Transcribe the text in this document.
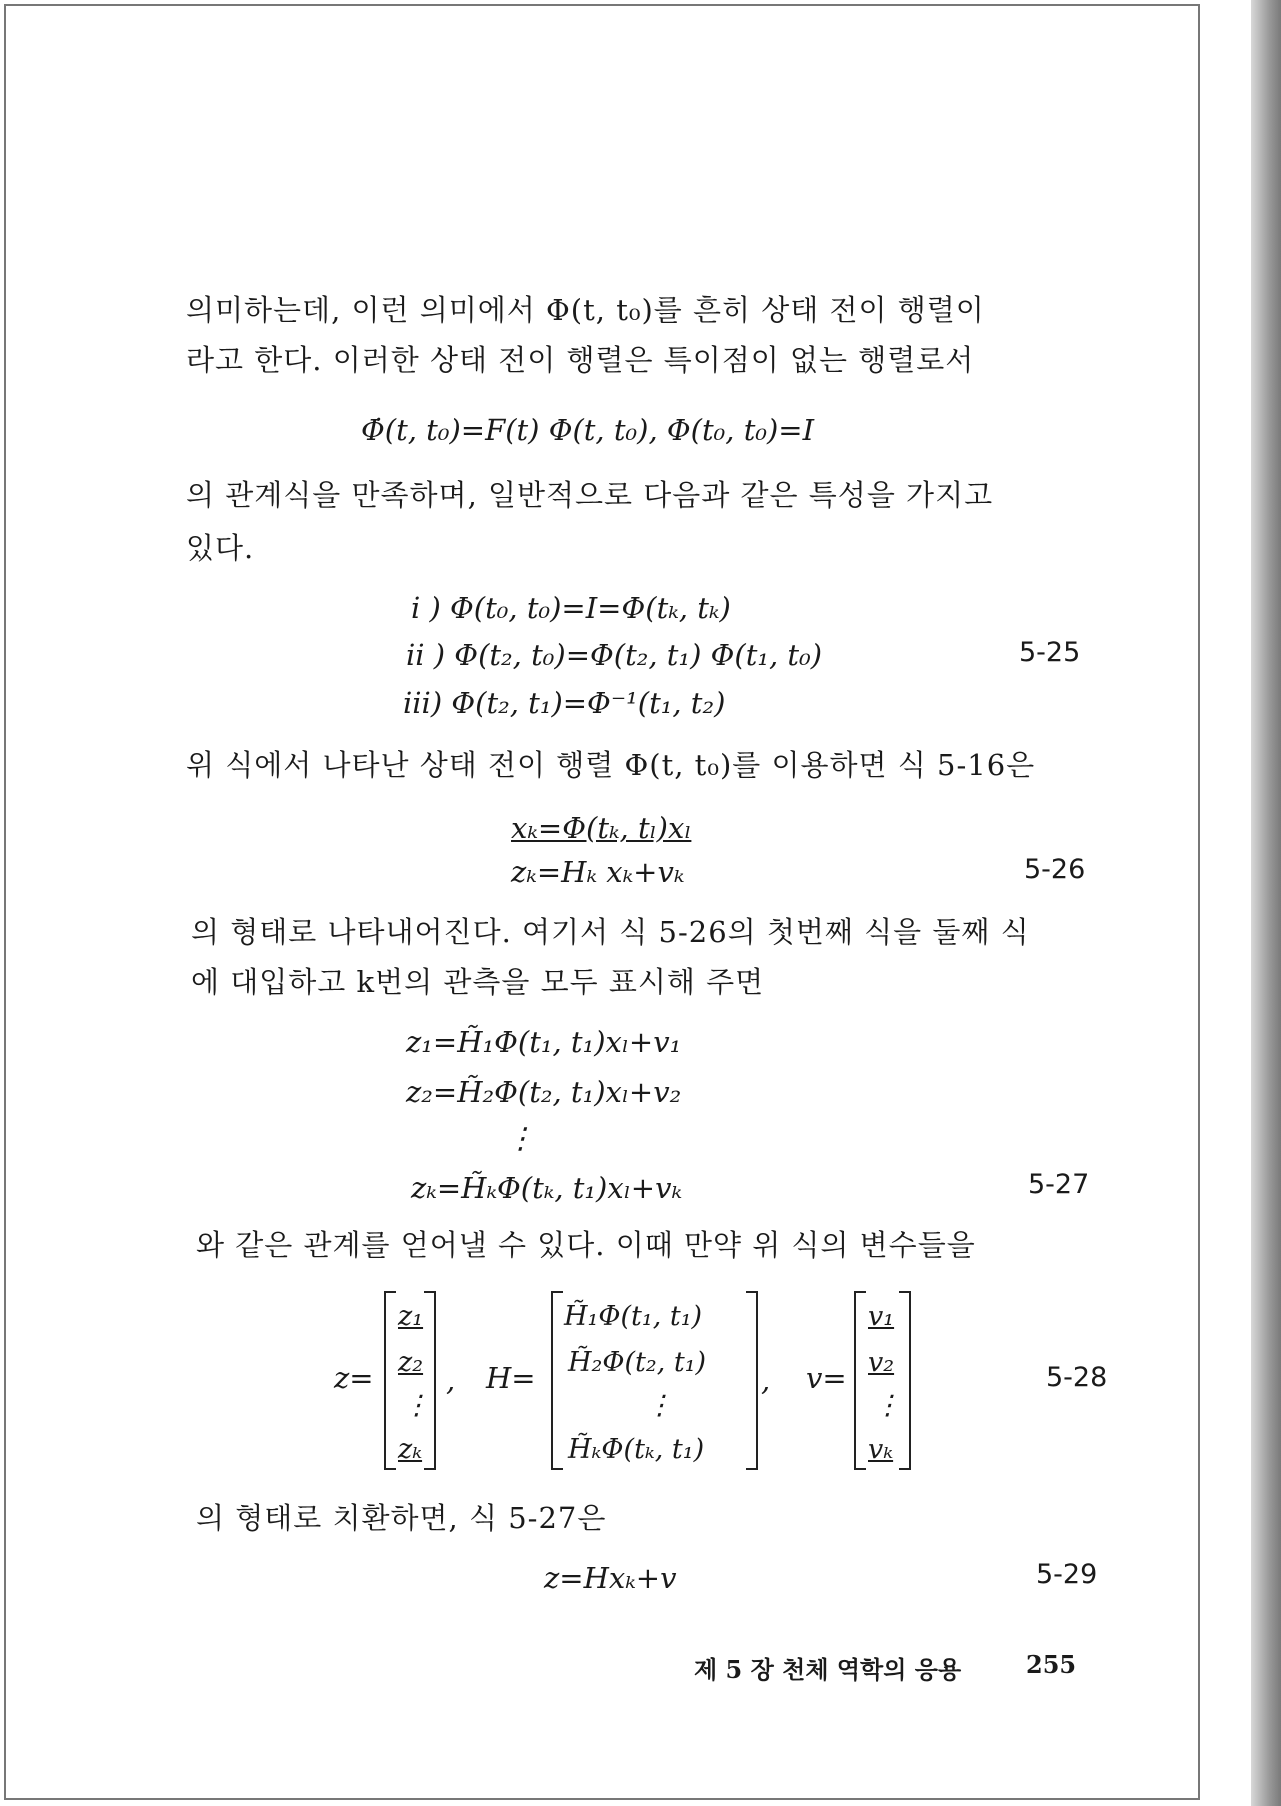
의미하는데, 이런 의미에서 Φ(t, t₀)를 흔히 상태 전이 행렬이
라고 한다. 이러한 상태 전이 행렬은 특이점이 없는 행렬로서
Φ̇(t, t₀)=F(t) Φ(t, t₀), Φ(t₀, t₀)=I
의 관계식을 만족하며, 일반적으로 다음과 같은 특성을 가지고
있다.
i ) Φ(t₀, t₀)=I=Φ(tₖ, tₖ)
ii ) Φ(t₂, t₀)=Φ(t₂, t₁) Φ(t₁, t₀)	5-25
iii) Φ(t₂, t₁)=Φ⁻¹(t₁, t₂)
위 식에서 나타난 상태 전이 행렬 Φ(t, t₀)를 이용하면 식 5-16은
xₖ=Φ(tₖ, tₗ)xₗ
zₖ=Hₖ xₖ+vₖ	5-26
의 형태로 나타내어진다. 여기서 식 5-26의 첫번째 식을 둘째 식
에 대입하고 k번의 관측을 모두 표시해 주면
z₁=H̃₁Φ(t₁, t₁)xₗ+v₁
z₂=H̃₂Φ(t₂, t₁)xₗ+v₂
⋮
zₖ=H̃ₖΦ(tₖ, t₁)xₗ+vₖ	5-27
와 같은 관계를 얻어낼 수 있다. 이때 만약 위 식의 변수들을
z=
z₁
z₂
⋮
zₖ
, H=
H̃₁Φ(t₁, t₁)
H̃₂Φ(t₂, t₁)
⋮
H̃ₖΦ(tₖ, t₁)
, v=
v₁
v₂
⋮
vₖ
5-28
의 형태로 치환하면, 식 5-27은
z=Hxₖ+v	5-29
제 5 장 천체 역학의 응용	255
